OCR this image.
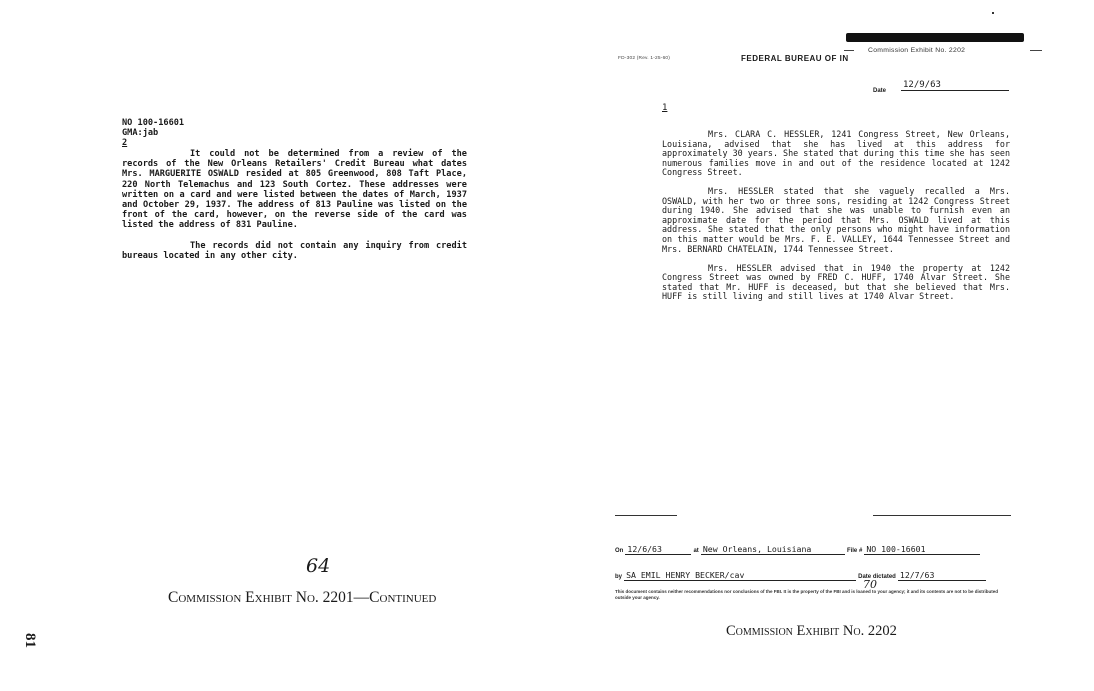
NO 100-16601
GMA:jab
2

It could not be determined from a review of the records of the New Orleans Retailers' Credit Bureau what dates Mrs. MARGUERITE OSWALD resided at 805 Greenwood, 808 Taft Place, 220 North Telemachus and 123 South Cortez. These addresses were written on a card and were listed between the dates of March, 1937 and October 29, 1937. The address of 813 Pauline was listed on the front of the card, however, on the reverse side of the card was listed the address of 831 Pauline.

The records did not contain any inquiry from credit bureaus located in any other city.

64
Commission Exhibit No. 2201—Continued
81
Commission Exhibit No. 2202
FD-302 (Rev. 1-25-60)	FEDERAL BUREAU OF IN
Date
12/9/63
1

Mrs. CLARA C. HESSLER, 1241 Congress Street, New Orleans, Louisiana, advised that she has lived at this address for approximately 30 years. She stated that during this time she has seen numerous families move in and out of the residence located at 1242 Congress Street.

Mrs. HESSLER stated that she vaguely recalled a Mrs. OSWALD, with her two or three sons, residing at 1242 Congress Street during 1940. She advised that she was unable to furnish even an approximate date for the period that Mrs. OSWALD lived at this address. She stated that the only persons who might have information on this matter would be Mrs. F. E. VALLEY, 1644 Tennessee Street and Mrs. BERNARD CHATELAIN, 1744 Tennessee Street.

Mrs. HESSLER advised that in 1940 the property at 1242 Congress Street was owned by FRED C. HUFF, 1740 Alvar Street. She stated that Mr. HUFF is deceased, but that she believed that Mrs. HUFF is still living and still lives at 1740 Alvar Street.

On 12/6/63	at New Orleans, Louisiana	File # NO 100-16601
by SA EMIL HENRY BECKER/cav	Date dictated 12/7/63
70
This document contains neither recommendations nor conclusions of the FBI. It is the property of the FBI and is loaned to your agency; it and its contents are not to be distributed outside your agency.
Commission Exhibit No. 2202
